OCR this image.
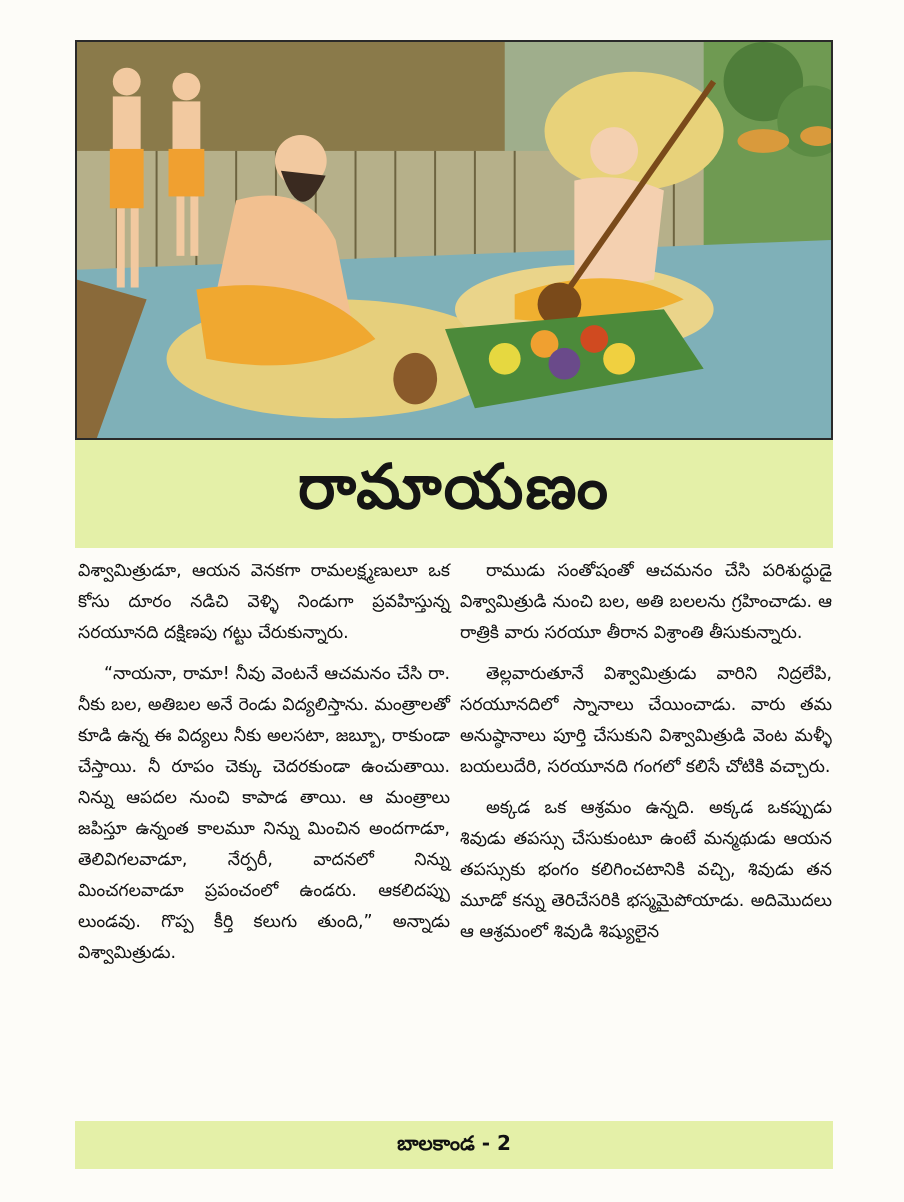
రామాయణం

విశ్వామిత్రుడూ, ఆయన వెనకగా రామలక్ష్మణులూ ఒక కోసు దూరం నడిచి వెళ్ళి నిండుగా ప్రవహిస్తున్న సరయూనది దక్షిణపు గట్టు చేరుకున్నారు.

“నాయనా, రామా! నీవు వెంటనే ఆచమనం చేసి రా. నీకు బల, అతిబల అనే రెండు విద్యలిస్తాను. మంత్రాలతో కూడి ఉన్న ఈ విద్యలు నీకు అలసటా, జబ్బూ, రాకుండా చేస్తాయి. నీ రూపం చెక్కు చెదరకుండా ఉంచుతాయి. నిన్ను ఆపదల నుంచి కాపాడ తాయి. ఆ మంత్రాలు జపిస్తూ ఉన్నంత కాలమూ నిన్ను మించిన అందగాడూ, తెలివిగలవాడూ, నేర్పరీ, వాదనలో నిన్ను మించగలవాడూ ప్రపంచంలో ఉండరు. ఆకలిదప్పు లుండవు. గొప్ప కీర్తి కలుగు తుంది,” అన్నాడు విశ్వామిత్రుడు.

రాముడు సంతోషంతో ఆచమనం చేసి పరిశుద్ధుడై విశ్వామిత్రుడి నుంచి బల, అతి బలలను గ్రహించాడు. ఆ రాత్రికి వారు సరయూ తీరాన విశ్రాంతి తీసుకున్నారు.

తెల్లవారుతూనే విశ్వామిత్రుడు వారిని నిద్రలేపి, సరయూనదిలో స్నానాలు చేయించాడు. వారు తమ అనుష్ఠానాలు పూర్తి చేసుకుని విశ్వామిత్రుడి వెంట మళ్ళీ బయలుదేరి, సరయూనది గంగలో కలిసే చోటికి వచ్చారు.

అక్కడ ఒక ఆశ్రమం ఉన్నది. అక్కడ ఒకప్పుడు శివుడు తపస్సు చేసుకుంటూ ఉంటే మన్మథుడు ఆయన తపస్సుకు భంగం కలిగించటానికి వచ్చి, శివుడు తన మూడో కన్ను తెరిచేసరికి భస్మమైపోయాడు. అదిమొదలు ఆ ఆశ్రమంలో శివుడి శిష్యులైన

బాలకాండ - 2
